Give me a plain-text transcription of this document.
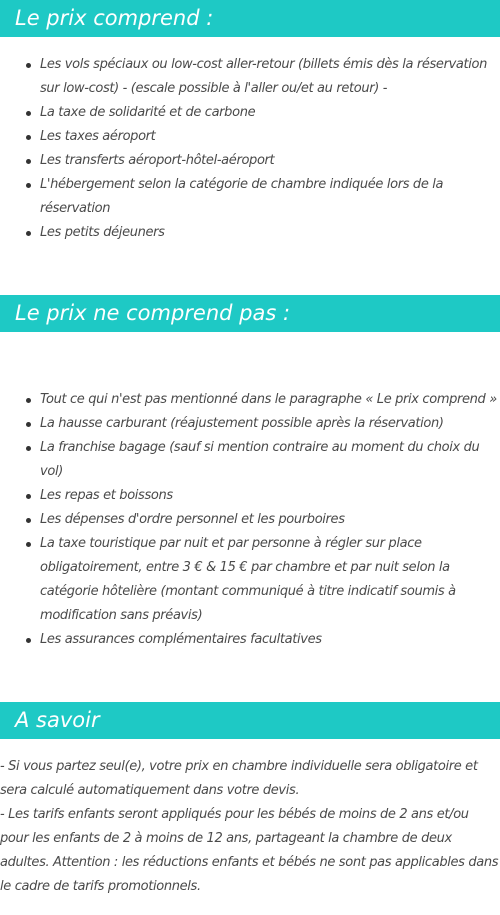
Le prix comprend :
Les vols spéciaux ou low-cost aller-retour (billets émis dès la réservation sur low-cost) - (escale possible à l'aller ou/et au retour) -
La taxe de solidarité et de carbone
Les taxes aéroport
Les transferts aéroport-hôtel-aéroport
L'hébergement selon la catégorie de chambre indiquée lors de la réservation
Les petits déjeuners
Le prix ne comprend pas :
Tout ce qui n'est pas mentionné dans le paragraphe « Le prix comprend »
La hausse carburant (réajustement possible après la réservation)
La franchise bagage (sauf si mention contraire au moment du choix du vol)
Les repas et boissons
Les dépenses d'ordre personnel et les pourboires
La taxe touristique par nuit et par personne à régler sur place obligatoirement, entre 3 € & 15 € par chambre et par nuit selon la catégorie hôtelière (montant communiqué à titre indicatif soumis à modification sans préavis)
Les assurances complémentaires facultatives
A savoir

- Si vous partez seul(e), votre prix en chambre individuelle sera obligatoire et sera calculé automatiquement dans votre devis.

- Les tarifs enfants seront appliqués pour les bébés de moins de 2 ans et/ou pour les enfants de 2 à moins de 12 ans, partageant la chambre de deux adultes. Attention : les réductions enfants et bébés ne sont pas applicables dans le cadre de tarifs promotionnels.
